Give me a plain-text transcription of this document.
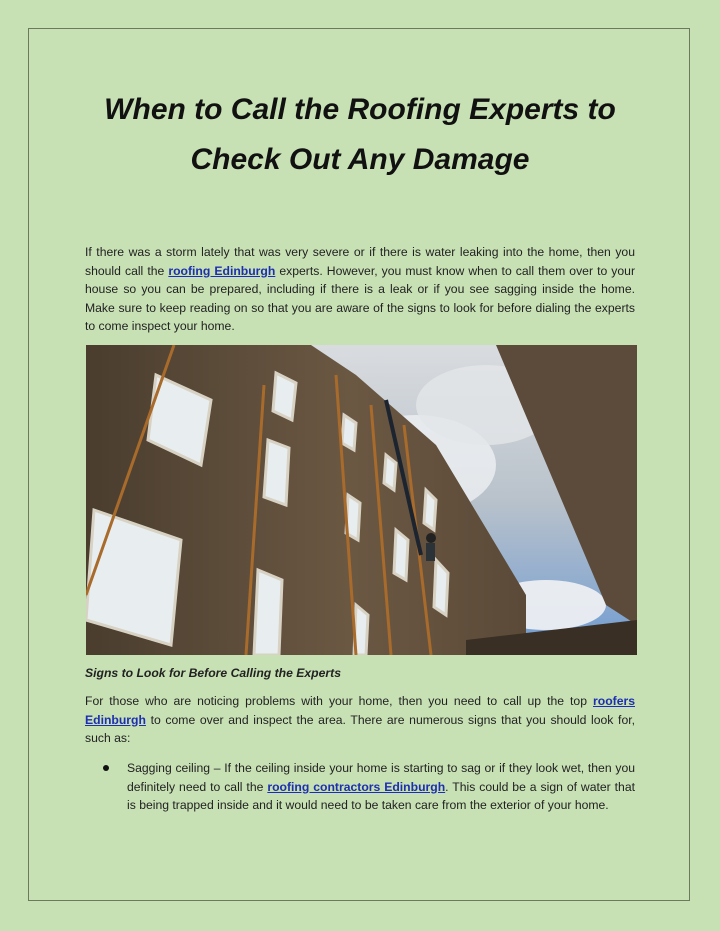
When to Call the Roofing Experts to Check Out Any Damage

If there was a storm lately that was very severe or if there is water leaking into the home, then you should call the roofing Edinburgh experts. However, you must know when to call them over to your house so you can be prepared, including if there is a leak or if you see sagging inside the home. Make sure to keep reading on so that you are aware of the signs to look for before dialing the experts to come inspect your home.

Signs to Look for Before Calling the Experts

For those who are noticing problems with your home, then you need to call up the top roofers Edinburgh to come over and inspect the area. There are numerous signs that you should look for, such as:

Sagging ceiling – If the ceiling inside your home is starting to sag or if they look wet, then you definitely need to call the roofing contractors Edinburgh. This could be a sign of water that is being trapped inside and it would need to be taken care from the exterior of your home.
